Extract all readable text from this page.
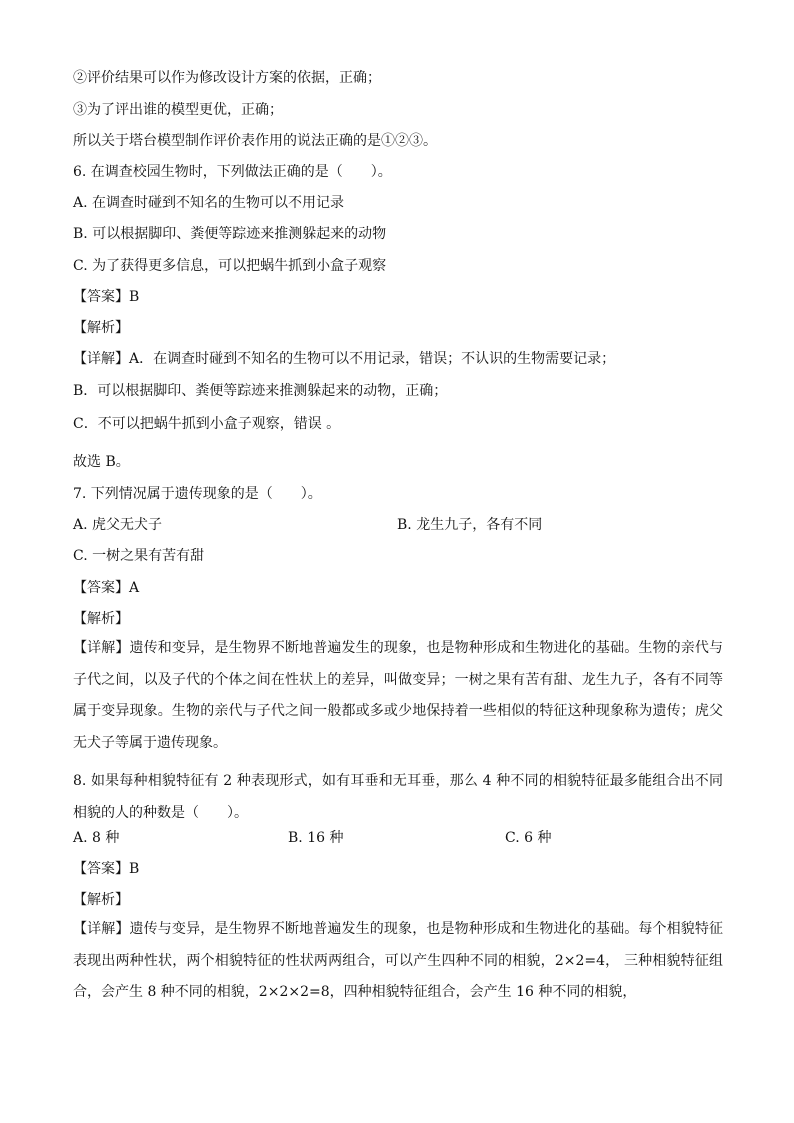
②评价结果可以作为修改设计方案的依据，正确；
③为了评出谁的模型更优，正确；
所以关于塔台模型制作评价表作用的说法正确的是①②③。
6. 在调查校园生物时，下列做法正确的是（　　）。
A. 在调查时碰到不知名的生物可以不用记录
B. 可以根据脚印、粪便等踪迹来推测躲起来的动物
C. 为了获得更多信息，可以把蜗牛抓到小盒子观察
【答案】B
【解析】
【详解】A．在调查时碰到不知名的生物可以不用记录，错误；不认识的生物需要记录；
B．可以根据脚印、粪便等踪迹来推测躲起来的动物，正确；
C．不可以把蜗牛抓到小盒子观察，错误 。
故选 B。
7. 下列情况属于遗传现象的是（　　）。
A. 虎父无犬子	B. 龙生九子，各有不同
C. 一树之果有苦有甜
【答案】A
【解析】
【详解】遗传和变异，是生物界不断地普遍发生的现象，也是物种形成和生物进化的基础。生物的亲代与子代之间，以及子代的个体之间在性状上的差异，叫做变异；一树之果有苦有甜、龙生九子，各有不同等属于变异现象。生物的亲代与子代之间一般都或多或少地保持着一些相似的特征这种现象称为遗传；虎父无犬子等属于遗传现象。
8. 如果每种相貌特征有 2 种表现形式，如有耳垂和无耳垂，那么 4 种不同的相貌特征最多能组合出不同相貌的人的种数是（　　）。
A. 8 种	B. 16 种	C. 6 种
【答案】B
【解析】
【详解】遗传与变异，是生物界不断地普遍发生的现象，也是物种形成和生物进化的基础。每个相貌特征表现出两种性状，两个相貌特征的性状两两组合，可以产生四种不同的相貌，2×2=4， 三种相貌特征组合，会产生 8 种不同的相貌，2×2×2=8，四种相貌特征组合，会产生 16 种不同的相貌，
